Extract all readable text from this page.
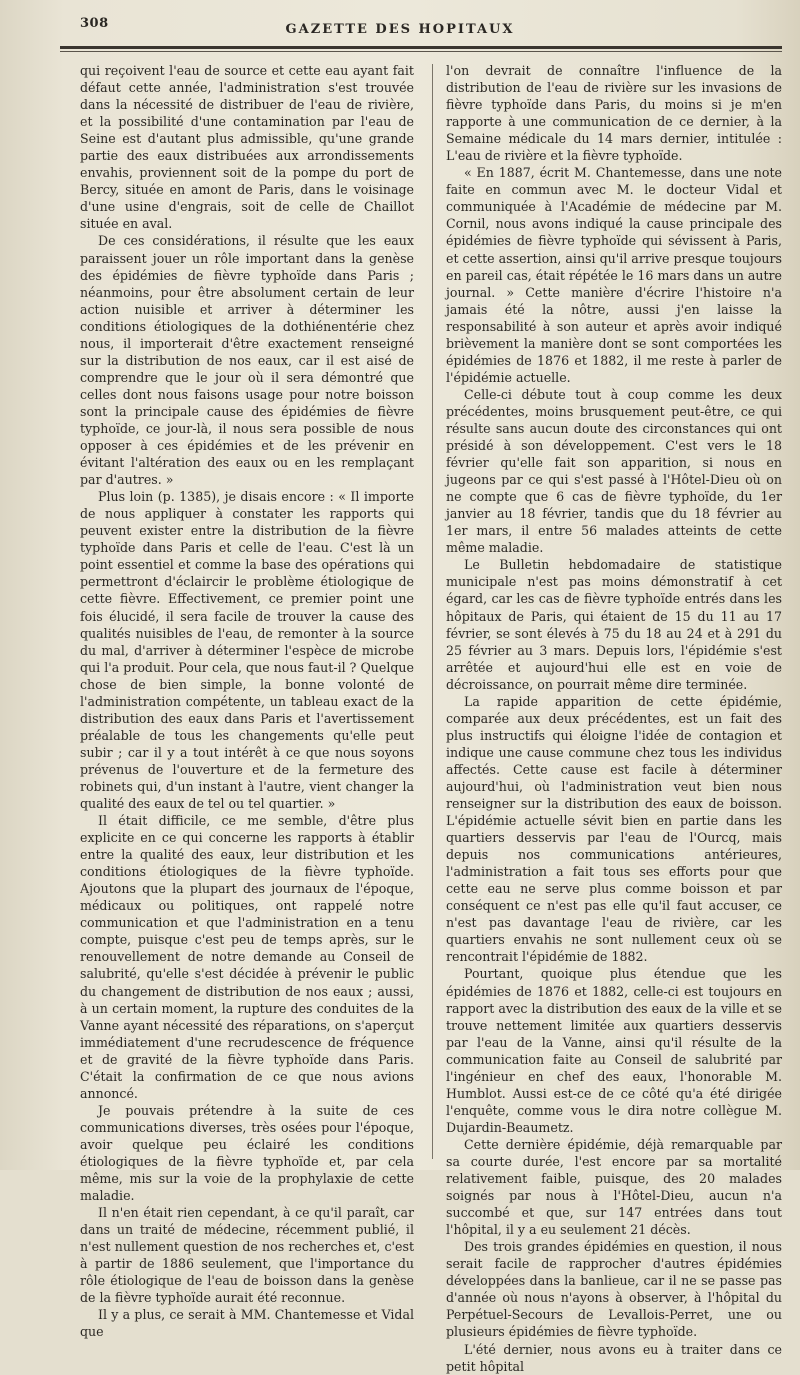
308	GAZETTE DES HOPITAUX

qui reçoivent l'eau de source et cette eau ayant fait défaut cette année, l'administration s'est trouvée dans la nécessité de distribuer de l'eau de rivière, et la possibilité d'une contamination par l'eau de Seine est d'autant plus admissible, qu'une grande partie des eaux distribuées aux arrondissements envahis, proviennent soit de la pompe du port de Bercy, située en amont de Paris, dans le voisinage d'une usine d'engrais, soit de celle de Chaillot située en aval.

De ces considérations, il résulte que les eaux paraissent jouer un rôle important dans la genèse des épidémies de fièvre typhoïde dans Paris ; néanmoins, pour être absolument certain de leur action nuisible et arriver à déterminer les conditions étiologiques de la dothiénentérie chez nous, il importerait d'être exactement renseigné sur la distribution de nos eaux, car il est aisé de comprendre que le jour où il sera démontré que celles dont nous faisons usage pour notre boisson sont la principale cause des épidémies de fièvre typhoïde, ce jour-là, il nous sera possible de nous opposer à ces épidémies et de les prévenir en évitant l'altération des eaux ou en les remplaçant par d'autres. »

Plus loin (p. 1385), je disais encore : « Il importe de nous appliquer à constater les rapports qui peuvent exister entre la distribution de la fièvre typhoïde dans Paris et celle de l'eau. C'est là un point essentiel et comme la base des opérations qui permettront d'éclaircir le problème étiologique de cette fièvre. Effectivement, ce premier point une fois élucidé, il sera facile de trouver la cause des qualités nuisibles de l'eau, de remonter à la source du mal, d'arriver à déterminer l'espèce de microbe qui l'a produit. Pour cela, que nous faut-il ? Quelque chose de bien simple, la bonne volonté de l'administration compétente, un tableau exact de la distribution des eaux dans Paris et l'avertissement préalable de tous les changements qu'elle peut subir ; car il y a tout intérêt à ce que nous soyons prévenus de l'ouverture et de la fermeture des robinets qui, d'un instant à l'autre, vient changer la qualité des eaux de tel ou tel quartier. »

Il était difficile, ce me semble, d'être plus explicite en ce qui concerne les rapports à établir entre la qualité des eaux, leur distribution et les conditions étiologiques de la fièvre typhoïde. Ajoutons que la plupart des journaux de l'époque, médicaux ou politiques, ont rappelé notre communication et que l'administration en a tenu compte, puisque c'est peu de temps après, sur le renouvellement de notre demande au Conseil de salubrité, qu'elle s'est décidée à prévenir le public du changement de distribution de nos eaux ; aussi, à un certain moment, la rupture des conduites de la Vanne ayant nécessité des réparations, on s'aperçut immédiatement d'une recrudescence de fréquence et de gravité de la fièvre typhoïde dans Paris. C'était la confirmation de ce que nous avions annoncé.

Je pouvais prétendre à la suite de ces communications diverses, très osées pour l'époque, avoir quelque peu éclairé les conditions étiologiques de la fièvre typhoïde et, par cela même, mis sur la voie de la prophylaxie de cette maladie.

Il n'en était rien cependant, à ce qu'il paraît, car dans un traité de médecine, récemment publié, il n'est nullement question de nos recherches et, c'est à partir de 1886 seulement, que l'importance du rôle étiologique de l'eau de boisson dans la genèse de la fièvre typhoïde aurait été reconnue.

Il y a plus, ce serait à MM. Chantemesse et Vidal que

l'on devrait de connaître l'influence de la distribution de l'eau de rivière sur les invasions de fièvre typhoïde dans Paris, du moins si je m'en rapporte à une communication de ce dernier, à la Semaine médicale du 14 mars dernier, intitulée : L'eau de rivière et la fièvre typhoïde.

« En 1887, écrit M. Chantemesse, dans une note faite en commun avec M. le docteur Vidal et communiquée à l'Académie de médecine par M. Cornil, nous avons indiqué la cause principale des épidémies de fièvre typhoïde qui sévissent à Paris, et cette assertion, ainsi qu'il arrive presque toujours en pareil cas, était répétée le 16 mars dans un autre journal. » Cette manière d'écrire l'histoire n'a jamais été la nôtre, aussi j'en laisse la responsabilité à son auteur et après avoir indiqué brièvement la manière dont se sont comportées les épidémies de 1876 et 1882, il me reste à parler de l'épidémie actuelle.

Celle-ci débute tout à coup comme les deux précédentes, moins brusquement peut-être, ce qui résulte sans aucun doute des circonstances qui ont présidé à son développement. C'est vers le 18 février qu'elle fait son apparition, si nous en jugeons par ce qui s'est passé à l'Hôtel-Dieu où on ne compte que 6 cas de fièvre typhoïde, du 1er janvier au 18 février, tandis que du 18 février au 1er mars, il entre 56 malades atteints de cette même maladie.

Le Bulletin hebdomadaire de statistique municipale n'est pas moins démonstratif à cet égard, car les cas de fièvre typhoïde entrés dans les hôpitaux de Paris, qui étaient de 15 du 11 au 17 février, se sont élevés à 75 du 18 au 24 et à 291 du 25 février au 3 mars. Depuis lors, l'épidémie s'est arrêtée et aujourd'hui elle est en voie de décroissance, on pourrait même dire terminée.

La rapide apparition de cette épidémie, comparée aux deux précédentes, est un fait des plus instructifs qui éloigne l'idée de contagion et indique une cause commune chez tous les individus affectés. Cette cause est facile à déterminer aujourd'hui, où l'administration veut bien nous renseigner sur la distribution des eaux de boisson. L'épidémie actuelle sévit bien en partie dans les quartiers desservis par l'eau de l'Ourcq, mais depuis nos communications antérieures, l'administration a fait tous ses efforts pour que cette eau ne serve plus comme boisson et par conséquent ce n'est pas elle qu'il faut accuser, ce n'est pas davantage l'eau de rivière, car les quartiers envahis ne sont nullement ceux où se rencontrait l'épidémie de 1882.

Pourtant, quoique plus étendue que les épidémies de 1876 et 1882, celle-ci est toujours en rapport avec la distribution des eaux de la ville et se trouve nettement limitée aux quartiers desservis par l'eau de la Vanne, ainsi qu'il résulte de la communication faite au Conseil de salubrité par l'ingénieur en chef des eaux, l'honorable M. Humblot. Aussi est-ce de ce côté qu'a été dirigée l'enquête, comme vous le dira notre collègue M. Dujardin-Beaumetz.

Cette dernière épidémie, déjà remarquable par sa courte durée, l'est encore par sa mortalité relativement faible, puisque, des 20 malades soignés par nous à l'Hôtel-Dieu, aucun n'a succombé et que, sur 147 entrées dans tout l'hôpital, il y a eu seulement 21 décès.

Des trois grandes épidémies en question, il nous serait facile de rapprocher d'autres épidémies développées dans la banlieue, car il ne se passe pas d'année où nous n'ayons à observer, à l'hôpital du Perpétuel-Secours de Levallois-Perret, une ou plusieurs épidémies de fièvre typhoïde.

L'été dernier, nous avons eu à traiter dans ce petit hôpital
